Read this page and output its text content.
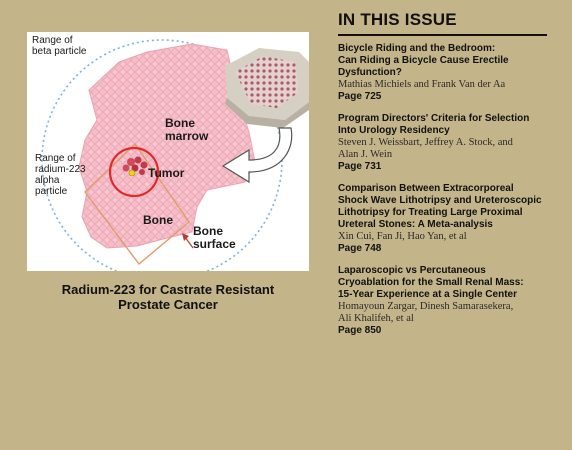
Range of
beta particle
Bone
marrow
Range of
radium-223
alpha
particle
Tumor
Bone
Bone
surface
Radium-223 for Castrate Resistant
Prostate Cancer
IN THIS ISSUE
Bicycle Riding and the Bedroom:
Can Riding a Bicycle Cause Erectile
Dysfunction?
Mathias Michiels and Frank Van der Aa
Page 725
Program Directors' Criteria for Selection
Into Urology Residency
Steven J. Weissbart, Jeffrey A. Stock, and
Alan J. Wein
Page 731
Comparison Between Extracorporeal
Shock Wave Lithotripsy and Ureteroscopic
Lithotripsy for Treating Large Proximal
Ureteral Stones: A Meta-analysis
Xin Cui, Fan Ji, Hao Yan, et al
Page 748
Laparoscopic vs Percutaneous
Cryoablation for the Small Renal Mass:
15-Year Experience at a Single Center
Homayoun Zargar, Dinesh Samarasekera,
Ali Khalifeh, et al
Page 850
